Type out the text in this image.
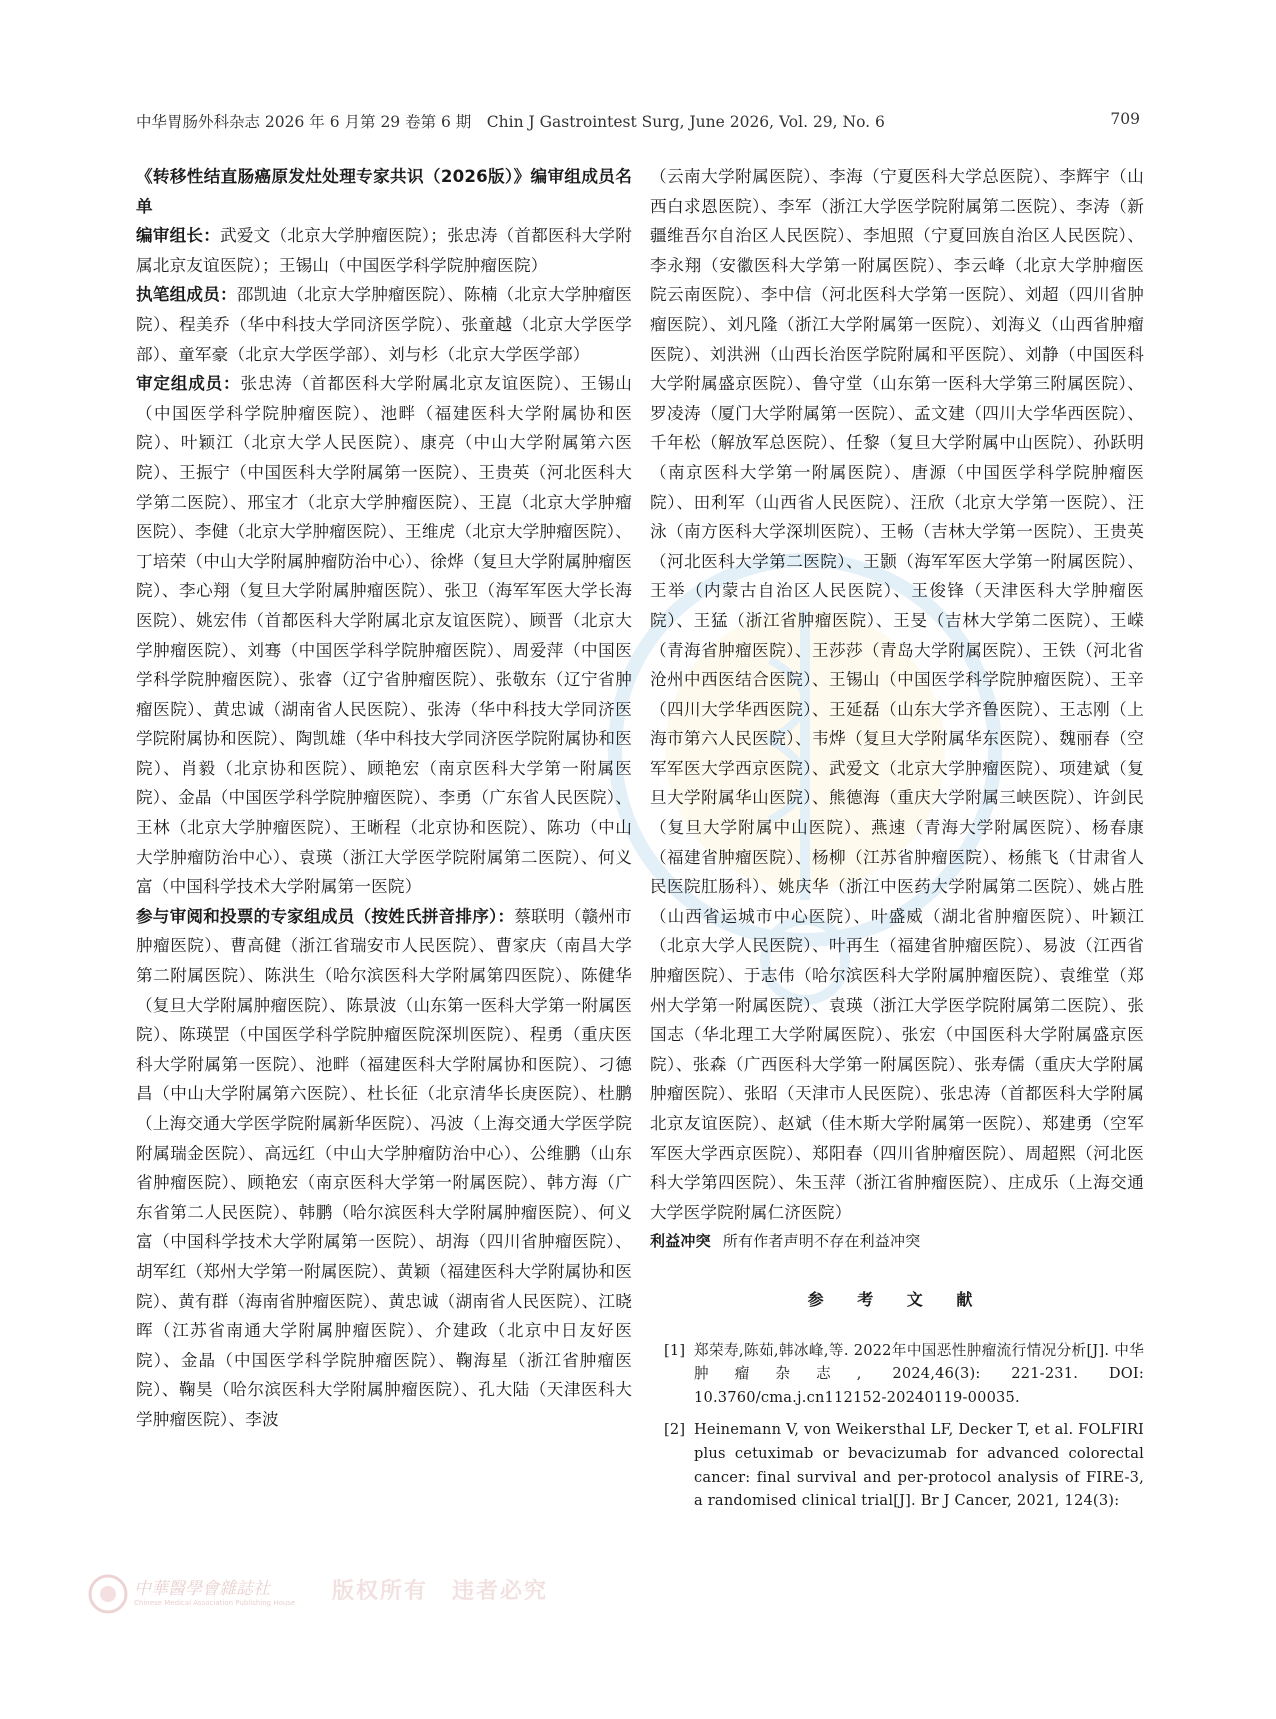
中华胃肠外科杂志 2026 年 6 月第 29 卷第 6 期　Chin J Gastrointest Surg, June 2026, Vol. 29, No. 6	709

《转移性结直肠癌原发灶处理专家共识（2026版）》编审组成员名单

编审组长：武爱文（北京大学肿瘤医院）；张忠涛（首都医科大学附属北京友谊医院）；王锡山（中国医学科学院肿瘤医院）

执笔组成员：邵凯迪（北京大学肿瘤医院）、陈楠（北京大学肿瘤医院）、程美乔（华中科技大学同济医学院）、张童越（北京大学医学部）、童军豪（北京大学医学部）、刘与杉（北京大学医学部）

审定组成员：张忠涛（首都医科大学附属北京友谊医院）、王锡山（中国医学科学院肿瘤医院）、池畔（福建医科大学附属协和医院）、叶颖江（北京大学人民医院）、康亮（中山大学附属第六医院）、王振宁（中国医科大学附属第一医院）、王贵英（河北医科大学第二医院）、邢宝才（北京大学肿瘤医院）、王崑（北京大学肿瘤医院）、李健（北京大学肿瘤医院）、王维虎（北京大学肿瘤医院）、丁培荣（中山大学附属肿瘤防治中心）、徐烨（复旦大学附属肿瘤医院）、李心翔（复旦大学附属肿瘤医院）、张卫（海军军医大学长海医院）、姚宏伟（首都医科大学附属北京友谊医院）、顾晋（北京大学肿瘤医院）、刘骞（中国医学科学院肿瘤医院）、周爱萍（中国医学科学院肿瘤医院）、张睿（辽宁省肿瘤医院）、张敬东（辽宁省肿瘤医院）、黄忠诚（湖南省人民医院）、张涛（华中科技大学同济医学院附属协和医院）、陶凯雄（华中科技大学同济医学院附属协和医院）、肖毅（北京协和医院）、顾艳宏（南京医科大学第一附属医院）、金晶（中国医学科学院肿瘤医院）、李勇（广东省人民医院）、王林（北京大学肿瘤医院）、王晰程（北京协和医院）、陈功（中山大学肿瘤防治中心）、袁瑛（浙江大学医学院附属第二医院）、何义富（中国科学技术大学附属第一医院）

参与审阅和投票的专家组成员（按姓氏拼音排序）：蔡联明（赣州市肿瘤医院）、曹高健（浙江省瑞安市人民医院）、曹家庆（南昌大学第二附属医院）、陈洪生（哈尔滨医科大学附属第四医院）、陈健华（复旦大学附属肿瘤医院）、陈景波（山东第一医科大学第一附属医院）、陈瑛罡（中国医学科学院肿瘤医院深圳医院）、程勇（重庆医科大学附属第一医院）、池畔（福建医科大学附属协和医院）、刁德昌（中山大学附属第六医院）、杜长征（北京清华长庚医院）、杜鹏（上海交通大学医学院附属新华医院）、冯波（上海交通大学医学院附属瑞金医院）、高远红（中山大学肿瘤防治中心）、公维鹏（山东省肿瘤医院）、顾艳宏（南京医科大学第一附属医院）、韩方海（广东省第二人民医院）、韩鹏（哈尔滨医科大学附属肿瘤医院）、何义富（中国科学技术大学附属第一医院）、胡海（四川省肿瘤医院）、胡军红（郑州大学第一附属医院）、黄颖（福建医科大学附属协和医院）、黄有群（海南省肿瘤医院）、黄忠诚（湖南省人民医院）、江晓晖（江苏省南通大学附属肿瘤医院）、介建政（北京中日友好医院）、金晶（中国医学科学院肿瘤医院）、鞠海星（浙江省肿瘤医院）、鞠昊（哈尔滨医科大学附属肿瘤医院）、孔大陆（天津医科大学肿瘤医院）、李波

（云南大学附属医院）、李海（宁夏医科大学总医院）、李辉宇（山西白求恩医院）、李军（浙江大学医学院附属第二医院）、李涛（新疆维吾尔自治区人民医院）、李旭照（宁夏回族自治区人民医院）、李永翔（安徽医科大学第一附属医院）、李云峰（北京大学肿瘤医院云南医院）、李中信（河北医科大学第一医院）、刘超（四川省肿瘤医院）、刘凡隆（浙江大学附属第一医院）、刘海义（山西省肿瘤医院）、刘洪洲（山西长治医学院附属和平医院）、刘静（中国医科大学附属盛京医院）、鲁守堂（山东第一医科大学第三附属医院）、罗凌涛（厦门大学附属第一医院）、孟文建（四川大学华西医院）、千年松（解放军总医院）、任黎（复旦大学附属中山医院）、孙跃明（南京医科大学第一附属医院）、唐源（中国医学科学院肿瘤医院）、田利军（山西省人民医院）、汪欣（北京大学第一医院）、汪泳（南方医科大学深圳医院）、王畅（吉林大学第一医院）、王贵英（河北医科大学第二医院）、王颢（海军军医大学第一附属医院）、王举（内蒙古自治区人民医院）、王俊锋（天津医科大学肿瘤医院）、王猛（浙江省肿瘤医院）、王旻（吉林大学第二医院）、王嵘（青海省肿瘤医院）、王莎莎（青岛大学附属医院）、王铁（河北省沧州中西医结合医院）、王锡山（中国医学科学院肿瘤医院）、王辛（四川大学华西医院）、王延磊（山东大学齐鲁医院）、王志刚（上海市第六人民医院）、韦烨（复旦大学附属华东医院）、魏丽春（空军军医大学西京医院）、武爱文（北京大学肿瘤医院）、项建斌（复旦大学附属华山医院）、熊德海（重庆大学附属三峡医院）、许剑民（复旦大学附属中山医院）、燕速（青海大学附属医院）、杨春康（福建省肿瘤医院）、杨柳（江苏省肿瘤医院）、杨熊飞（甘肃省人民医院肛肠科）、姚庆华（浙江中医药大学附属第二医院）、姚占胜（山西省运城市中心医院）、叶盛威（湖北省肿瘤医院）、叶颖江（北京大学人民医院）、叶再生（福建省肿瘤医院）、易波（江西省肿瘤医院）、于志伟（哈尔滨医科大学附属肿瘤医院）、袁维堂（郑州大学第一附属医院）、袁瑛（浙江大学医学院附属第二医院）、张国志（华北理工大学附属医院）、张宏（中国医科大学附属盛京医院）、张森（广西医科大学第一附属医院）、张寿儒（重庆大学附属肿瘤医院）、张昭（天津市人民医院）、张忠涛（首都医科大学附属北京友谊医院）、赵斌（佳木斯大学附属第一医院）、郑建勇（空军军医大学西京医院）、郑阳春（四川省肿瘤医院）、周超熙（河北医科大学第四医院）、朱玉萍（浙江省肿瘤医院）、庄成乐（上海交通大学医学院附属仁济医院）

利益冲突 所有作者声明不存在利益冲突

参 考 文 献
[1] 郑荣寿,陈茹,韩冰峰,等. 2022年中国恶性肿瘤流行情况分析[J]. 中华肿瘤杂志, 2024,46(3): 221-231. DOI: 10.3760/cma.j.cn112152-20240119-00035.
[2] Heinemann V, von Weikersthal LF, Decker T, et al. FOLFIRI plus cetuximab or bevacizumab for advanced colorectal cancer: final survival and per-protocol analysis of FIRE-3, a randomised clinical trial[J]. Br J Cancer, 2021, 124(3):
中華醫學會雜誌社
Chinese Medical Association Publishing House 版权所有　违者必究
